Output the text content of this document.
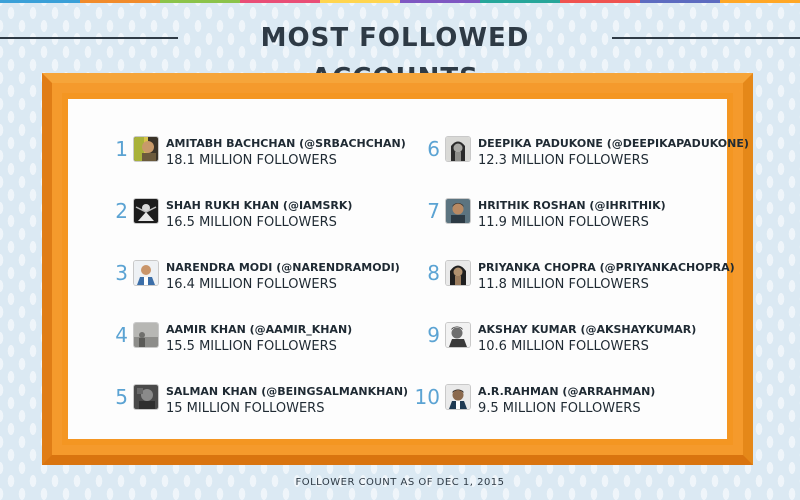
MOST FOLLOWED
1	AMITABH BACHCHAN (@SRBACHCHAN)
18.1 MILLION FOLLOWERS
2	SHAH RUKH KHAN (@IAMSRK)
16.5 MILLION FOLLOWERS
3	NARENDRA MODI (@NARENDRAMODI)
16.4 MILLION FOLLOWERS
4	AAMIR KHAN (@AAMIR_KHAN)
15.5 MILLION FOLLOWERS
5	SALMAN KHAN (@BEINGSALMANKHAN)
15 MILLION FOLLOWERS
6	DEEPIKA PADUKONE (@DEEPIKAPADUKONE)
12.3 MILLION FOLLOWERS
7	HRITHIK ROSHAN (@IHRITHIK)
11.9 MILLION FOLLOWERS
8	PRIYANKA CHOPRA (@PRIYANKACHOPRA)
11.8 MILLION FOLLOWERS
9	AKSHAY KUMAR (@AKSHAYKUMAR)
10.6 MILLION FOLLOWERS
10	A.R.RAHMAN (@ARRAHMAN)
9.5 MILLION FOLLOWERS
FOLLOWER COUNT AS OF DEC 1, 2015
